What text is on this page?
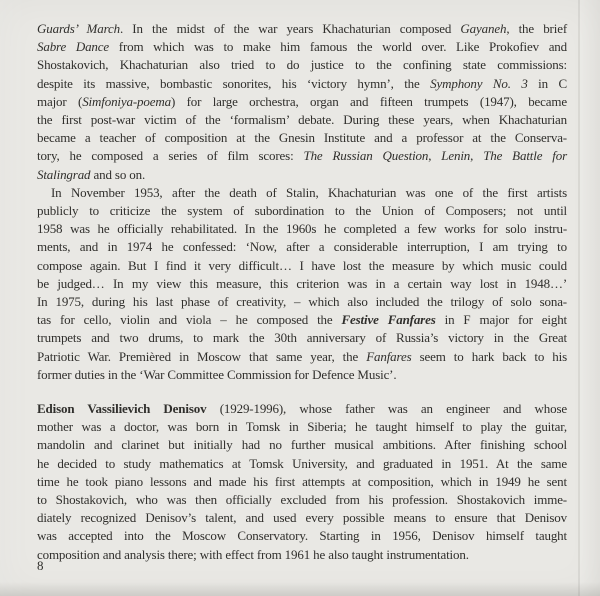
Guards’ March. In the midst of the war years Khachaturian composed Gayaneh, the brief
Sabre Dance from which was to make him famous the world over. Like Prokofiev and
Shostakovich, Khachaturian also tried to do justice to the confining state commissions:
despite its massive, bombastic sonorites, his ‘victory hymn’, the Symphony No. 3 in C
major (Simfoniya-poema) for large orchestra, organ and fifteen trumpets (1947), became
the first post-war victim of the ‘formalism’ debate. During these years, when Khachaturian
became a teacher of composition at the Gnesin Institute and a professor at the Conserva-
tory, he composed a series of film scores: The Russian Question, Lenin, The Battle for
Stalingrad and so on.
In November 1953, after the death of Stalin, Khachaturian was one of the first artists
publicly to criticize the system of subordination to the Union of Composers; not until
1958 was he officially rehabilitated. In the 1960s he completed a few works for solo instru-
ments, and in 1974 he confessed: ‘Now, after a considerable interruption, I am trying to
compose again. But I find it very difficult… I have lost the measure by which music could
be judged… In my view this measure, this criterion was in a certain way lost in 1948…’
In 1975, during his last phase of creativity, – which also included the trilogy of solo sona-
tas for cello, violin and viola – he composed the Festive Fanfares in F major for eight
trumpets and two drums, to mark the 30th anniversary of Russia’s victory in the Great
Patriotic War. Premièred in Moscow that same year, the Fanfares seem to hark back to his
former duties in the ‘War Committee Commission for Defence Music’.
Edison Vassilievich Denisov (1929-1996), whose father was an engineer and whose
mother was a doctor, was born in Tomsk in Siberia; he taught himself to play the guitar,
mandolin and clarinet but initially had no further musical ambitions. After finishing school
he decided to study mathematics at Tomsk University, and graduated in 1951. At the same
time he took piano lessons and made his first attempts at composition, which in 1949 he sent
to Shostakovich, who was then officially excluded from his profession. Shostakovich imme-
diately recognized Denisov’s talent, and used every possible means to ensure that Denisov
was accepted into the Moscow Conservatory. Starting in 1956, Denisov himself taught
composition and analysis there; with effect from 1961 he also taught instrumentation.
8
